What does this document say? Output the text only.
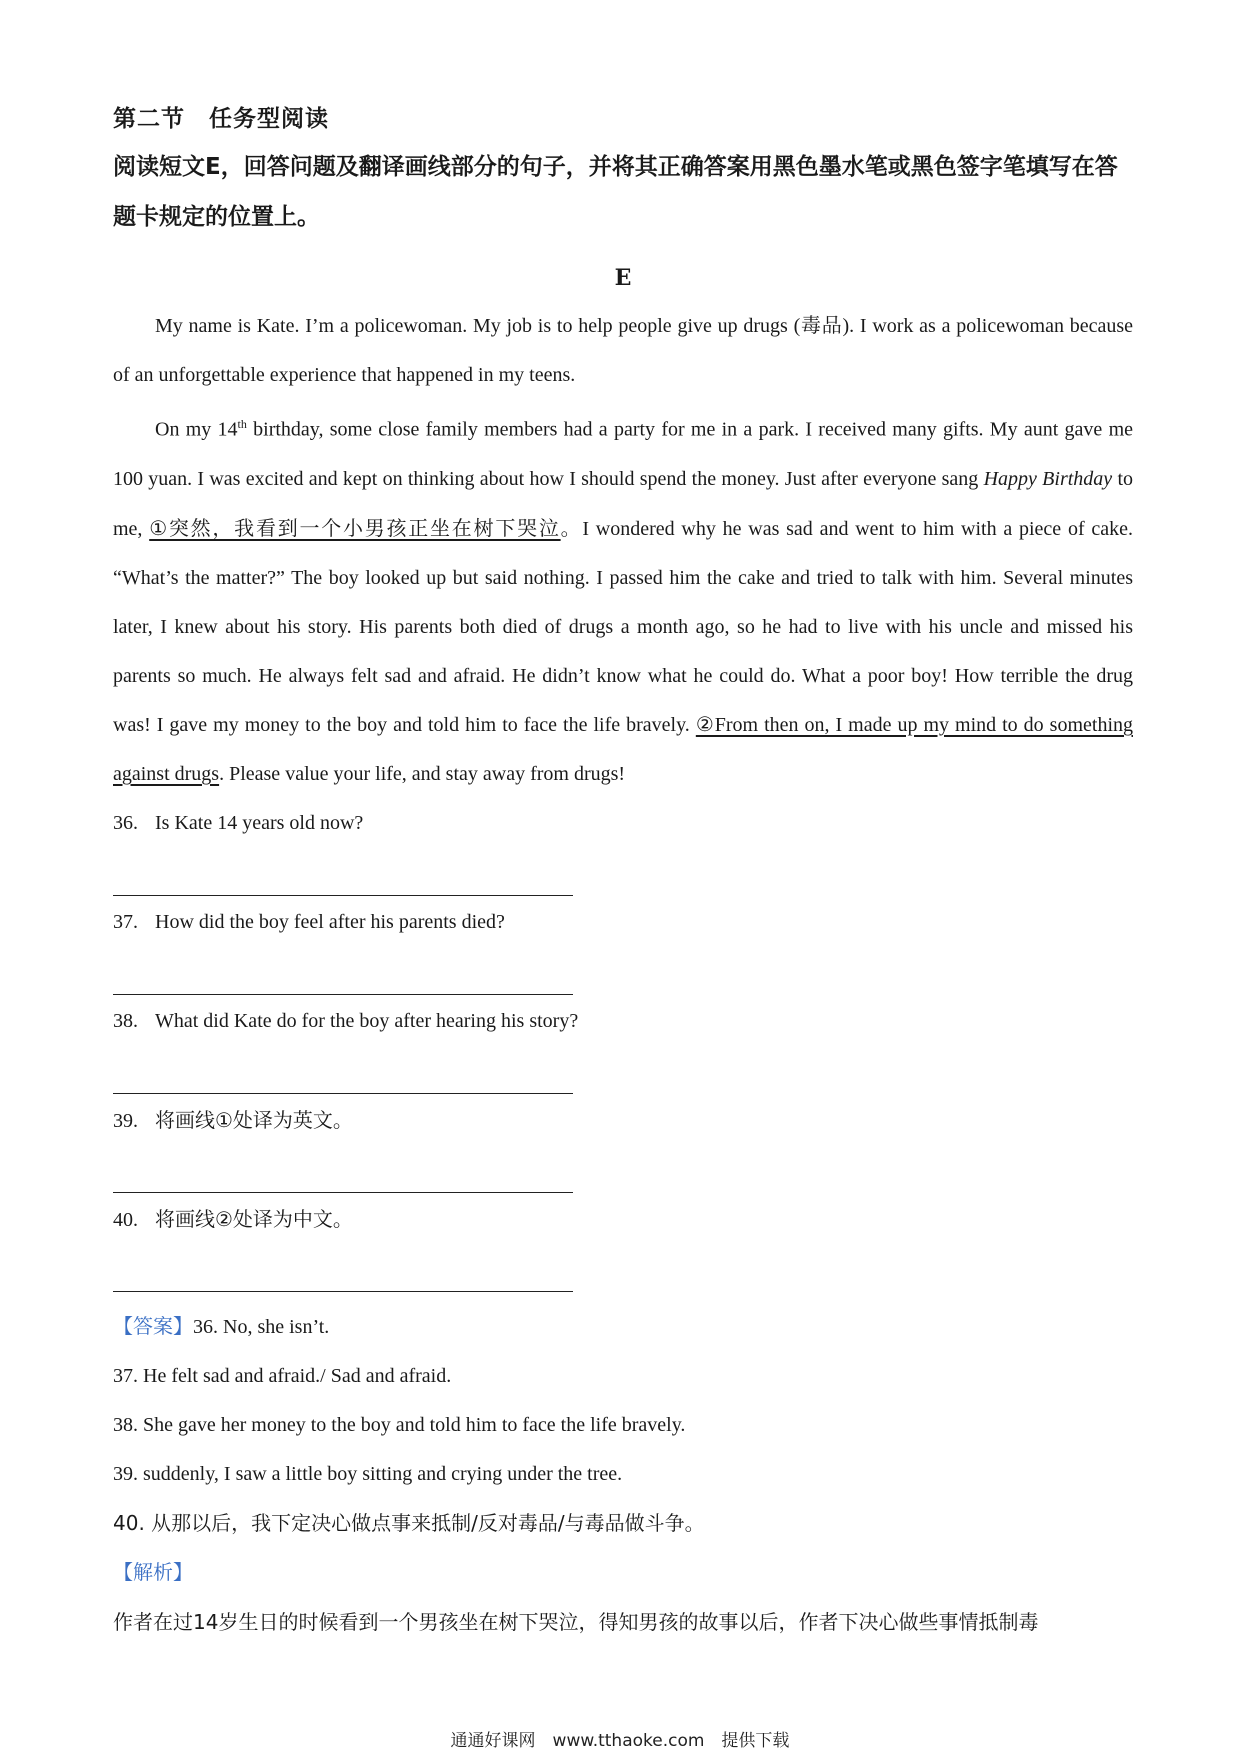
第二节　任务型阅读

阅读短文E，回答问题及翻译画线部分的句子，并将其正确答案用黑色墨水笔或黑色签字笔填写在答题卡规定的位置上。

E

My name is Kate. I’m a policewoman. My job is to help people give up drugs (毒品). I work as a policewoman because of an unforgettable experience that happened in my teens.

On my 14th birthday, some close family members had a party for me in a park. I received many gifts. My aunt gave me 100 yuan. I was excited and kept on thinking about how I should spend the money. Just after everyone sang Happy Birthday to me, ①突然，我看到一个小男孩正坐在树下哭泣。I wondered why he was sad and went to him with a piece of cake. “What’s the matter?” The boy looked up but said nothing. I passed him the cake and tried to talk with him. Several minutes later, I knew about his story. His parents both died of drugs a month ago, so he had to live with his uncle and missed his parents so much. He always felt sad and afraid. He didn’t know what he could do. What a poor boy! How terrible the drug was! I gave my money to the boy and told him to face the life bravely. ②From then on, I made up my mind to do something against drugs. Please value your life, and stay away from drugs!

36. Is Kate 14 years old now?

37. How did the boy feel after his parents died?

38. What did Kate do for the boy after hearing his story?

39. 将画线①处译为英文。

40. 将画线②处译为中文。

【答案】36. No, she isn’t.

37. He felt sad and afraid./ Sad and afraid.

38. She gave her money to the boy and told him to face the life bravely.

39. suddenly, I saw a little boy sitting and crying under the tree.

40. 从那以后，我下定决心做点事来抵制/反对毒品/与毒品做斗争。

【解析】

作者在过14岁生日的时候看到一个男孩坐在树下哭泣，得知男孩的故事以后，作者下决心做些事情抵制毒

通通好课网　www.tthaoke.com　提供下载
